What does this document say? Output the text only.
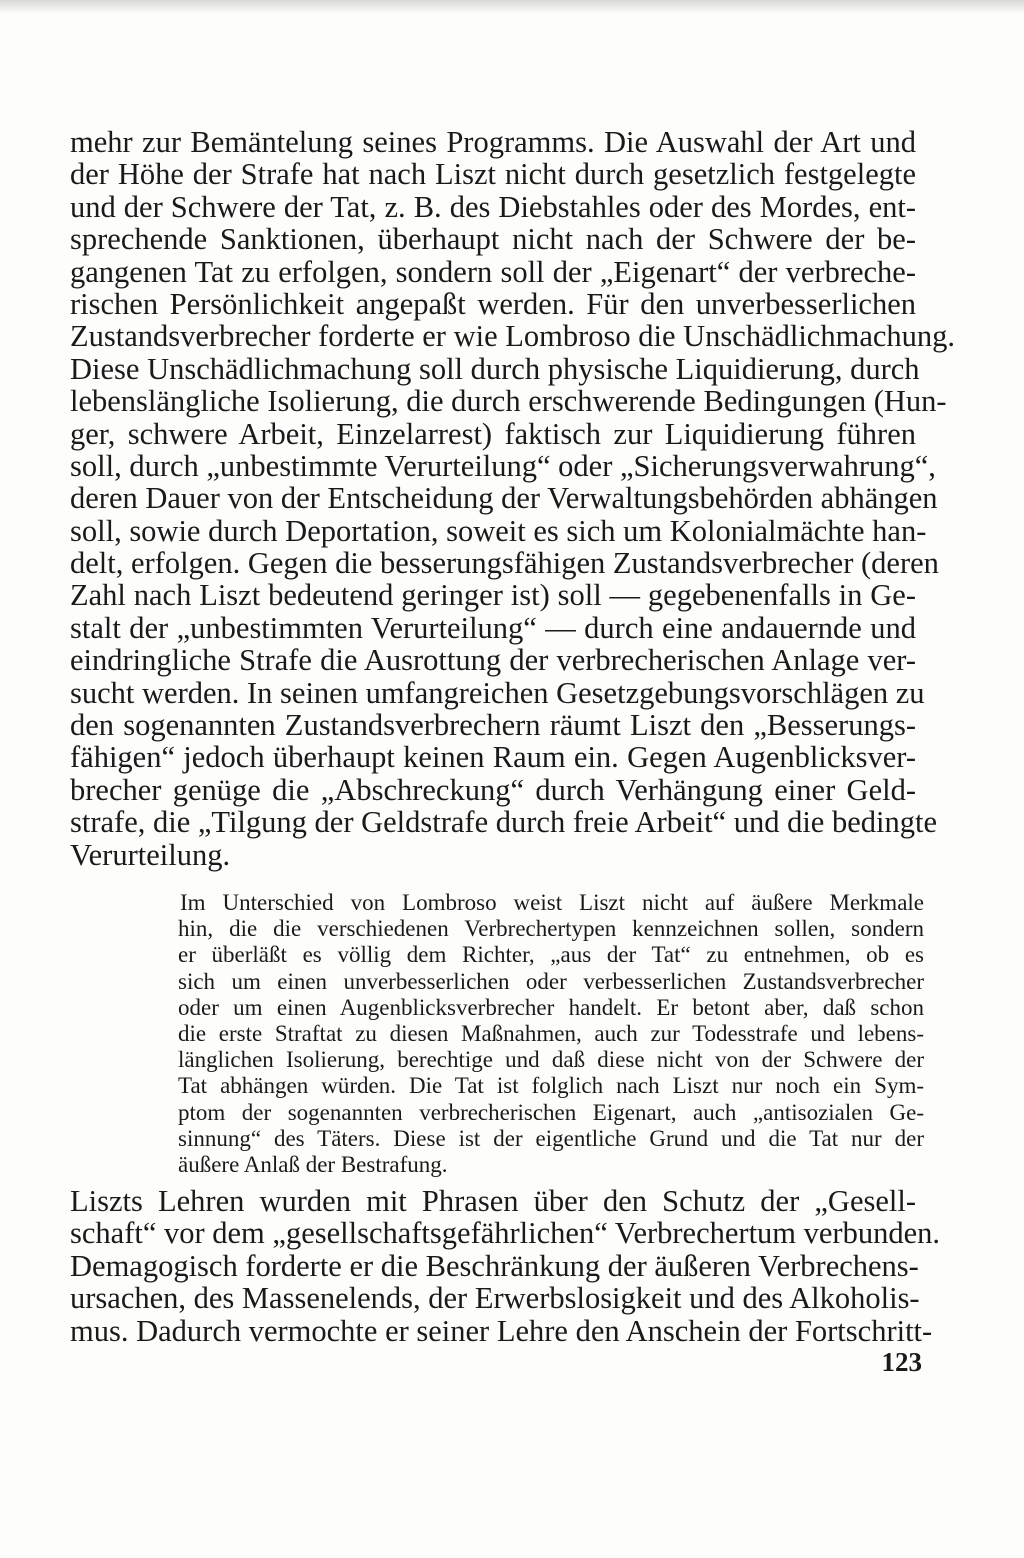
mehr zur Bemäntelung seines Programms. Die Auswahl der Art und
der Höhe der Strafe hat nach Liszt nicht durch gesetzlich festgelegte
und der Schwere der Tat, z. B. des Diebstahles oder des Mordes, ent-
sprechende Sanktionen, überhaupt nicht nach der Schwere der be-
gangenen Tat zu erfolgen, sondern soll der „Eigenart“ der verbreche-
rischen Persönlichkeit angepaßt werden. Für den unverbesserlichen
Zustandsverbrecher forderte er wie Lombroso die Unschädlichmachung.
Diese Unschädlichmachung soll durch physische Liquidierung, durch
lebenslängliche Isolierung, die durch erschwerende Bedingungen (Hun-
ger, schwere Arbeit, Einzelarrest) faktisch zur Liquidierung führen
soll, durch „unbestimmte Verurteilung“ oder „Sicherungsverwahrung“,
deren Dauer von der Entscheidung der Verwaltungsbehörden abhängen
soll, sowie durch Deportation, soweit es sich um Kolonialmächte han-
delt, erfolgen. Gegen die besserungsfähigen Zustandsverbrecher (deren
Zahl nach Liszt bedeutend geringer ist) soll — gegebenenfalls in Ge-
stalt der „unbestimmten Verurteilung“ — durch eine andauernde und
eindringliche Strafe die Ausrottung der verbrecherischen Anlage ver-
sucht werden. In seinen umfangreichen Gesetzgebungsvorschlägen zu
den sogenannten Zustandsverbrechern räumt Liszt den „Besserungs-
fähigen“ jedoch überhaupt keinen Raum ein. Gegen Augenblicksver-
brecher genüge die „Abschreckung“ durch Verhängung einer Geld-
strafe, die „Tilgung der Geldstrafe durch freie Arbeit“ und die bedingte
Verurteilung.
Im Unterschied von Lombroso weist Liszt nicht auf äußere Merkmale
hin, die die verschiedenen Verbrechertypen kennzeichnen sollen, sondern
er überläßt es völlig dem Richter, „aus der Tat“ zu entnehmen, ob es
sich um einen unverbesserlichen oder verbesserlichen Zustandsverbrecher
oder um einen Augenblicksverbrecher handelt. Er betont aber, daß schon
die erste Straftat zu diesen Maßnahmen, auch zur Todesstrafe und lebens-
länglichen Isolierung, berechtige und daß diese nicht von der Schwere der
Tat abhängen würden. Die Tat ist folglich nach Liszt nur noch ein Sym-
ptom der sogenannten verbrecherischen Eigenart, auch „antisozialen Ge-
sinnung“ des Täters. Diese ist der eigentliche Grund und die Tat nur der
äußere Anlaß der Bestrafung.
Liszts Lehren wurden mit Phrasen über den Schutz der „Gesell-
schaft“ vor dem „gesellschaftsgefährlichen“ Verbrechertum verbunden.
Demagogisch forderte er die Beschränkung der äußeren Verbrechens-
ursachen, des Massenelends, der Erwerbslosigkeit und des Alkoholis-
mus. Dadurch vermochte er seiner Lehre den Anschein der Fortschritt-
123
